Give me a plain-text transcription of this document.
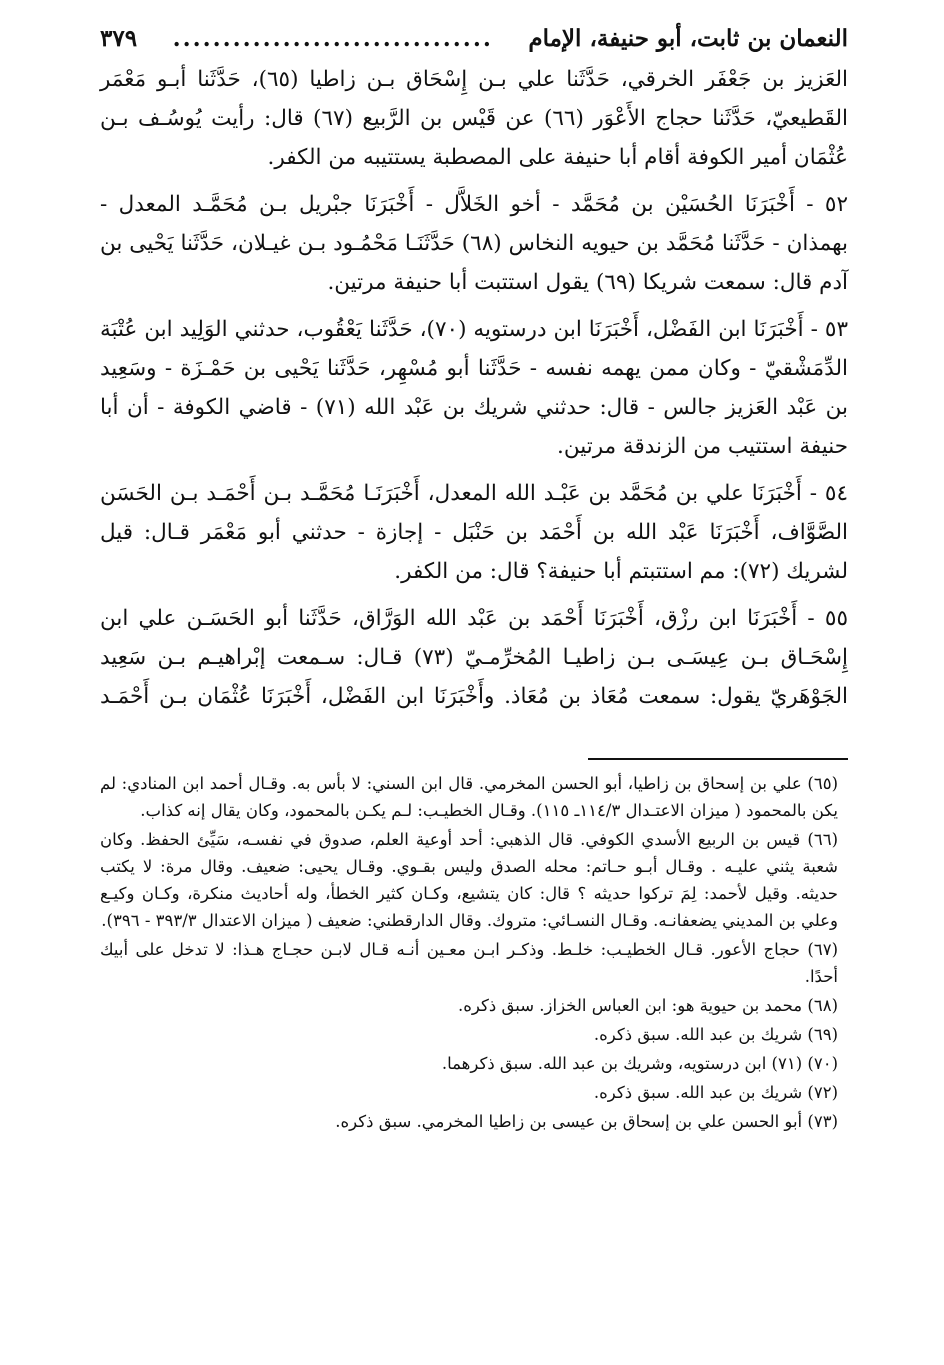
النعمان بن ثابت، أبو حنيفة، الإمام
................................
٣٧٩

العَزيز بن جَعْفَر الخرقي، حَدَّثَنا علي بـن إِسْحَاق بـن زاطيا (٦٥)، حَدَّثَنا أبـو مَعْمَر القَطيعيّ، حَدَّثَنا حجاج الأَعْوَر (٦٦) عن قَيْس بن الرَّبيع (٦٧) قال: رأيت يُوسُـف بـن عُثْمَان أمير الكوفة أقام أبا حنيفة على المصطبة يستتيبه من الكفر.

٥٢ - أَخْبَرَنَا الحُسَيْن بن مُحَمَّد - أخو الخَلاَّل - أَخْبَرَنَا جبْريل بـن مُحَمَّـد المعدل - بهمذان - حَدَّثَنا مُحَمَّد بن حيويه النخاس (٦٨) حَدَّثَنَـا مَحْمُـود بـن غيـلان، حَدَّثَنا يَحْيى بن آدم قال: سمعت شريكا (٦٩) يقول استتبت أبا حنيفة مرتين.

٥٣ - أَخْبَرَنَا ابن الفَضْل، أَخْبَرَنَا ابن درستويه (٧٠)، حَدَّثَنا يَعْقُوب، حدثني الوَلِيد ابن عُتْبَة الدِّمَشْقيّ - وكان ممن يهمه نفسه - حَدَّثَنا أبو مُسْهِر، حَدَّثَنا يَحْيى بن حَمْـزَة - وسَعِيد بن عَبْد العَزيز جالس - قال: حدثني شريك بن عَبْد الله (٧١) - قاضي الكوفة - أن أبا حنيفة استتيب من الزندقة مرتين.

٥٤ - أَخْبَرَنَا علي بن مُحَمَّد بن عَبْـد الله المعدل، أَخْبَرَنَـا مُحَمَّـد بـن أَحْمَـد بـن الحَسَن الصَّوَّاف، أَخْبَرَنَا عَبْد الله بن أَحْمَد بن حَنْبَل - إجازة - حدثني أبو مَعْمَر قـال: قيل لشريك (٧٢): مم استتبتم أبا حنيفة؟ قال: من الكفر.

٥٥ - أَخْبَرَنَا ابن رزْق، أَخْبَرَنَا أَحْمَد بن عَبْد الله الوَرَّاق، حَدَّثَنا أبو الحَسَـن علي ابن إِسْحَـاق بـن عِيسَـى بـن زاطيـا المُخرِّمـيّ (٧٣) قـال: سـمعت إبْراهيـم بـن سَعِيد الجَوْهَريّ يقول: سمعت مُعَاذ بن مُعَاذ. وأَخْبَرَنَا ابن الفَضْل، أَخْبَرَنَا عُثْمَان بـن أَحْمَـد

(٦٥) علي بن إسحاق بن زاطيا، أبو الحسن المخرمي. قال ابن السني: لا بأس به. وقـال أحمد ابن المنادي: لم يكن بالمحمود ( ميزان الاعتـدال ١١٤/٣ـ ١١٥). وقـال الخطيـب: لـم يكـن بالمحمود، وكان يقال إنه كذاب.

(٦٦) قيس بن الربيع الأسدي الكوفي. قال الذهبي: أحد أوعية العلم، صدوق في نفسـه، سَيِّئ الحفظ. وكان شعبة يثني عليـه . وقـال أبـو حـاتم: محله الصدق وليس بقـوي. وقـال يحيى: ضعيف. وقال مرة: لا يكتب حديثه. وقيل لأحمد: لِمَ تركوا حديثه ؟ قال: كان يتشيع، وكـان كثير الخطأ، وله أحاديث منكرة، وكـان وكيـع وعلي بن المديني يضعفانـه. وقـال النسـائي: متروك. وقال الدارقطني: ضعيف ( ميزان الاعتدال ٣٩٣/٣ - ٣٩٦).

(٦٧) حجاج الأعور. قـال الخطيـب: خلـط. وذكـر ابـن معـين أنـه قـال لابـن حجـاج هـذا: لا تدخل على أبيك أحدًا.

(٦٨) محمد بن حيوية هو: ابن العباس الخزاز. سبق ذكره.

(٦٩) شريك بن عبد الله. سبق ذكره.

(٧٠) (٧١) ابن درستويه، وشريك بن عبد الله. سبق ذكرهما.

(٧٢) شريك بن عبد الله. سبق ذكره.

(٧٣) أبو الحسن علي بن إسحاق بن عيسى بن زاطيا المخرمي. سبق ذكره.
